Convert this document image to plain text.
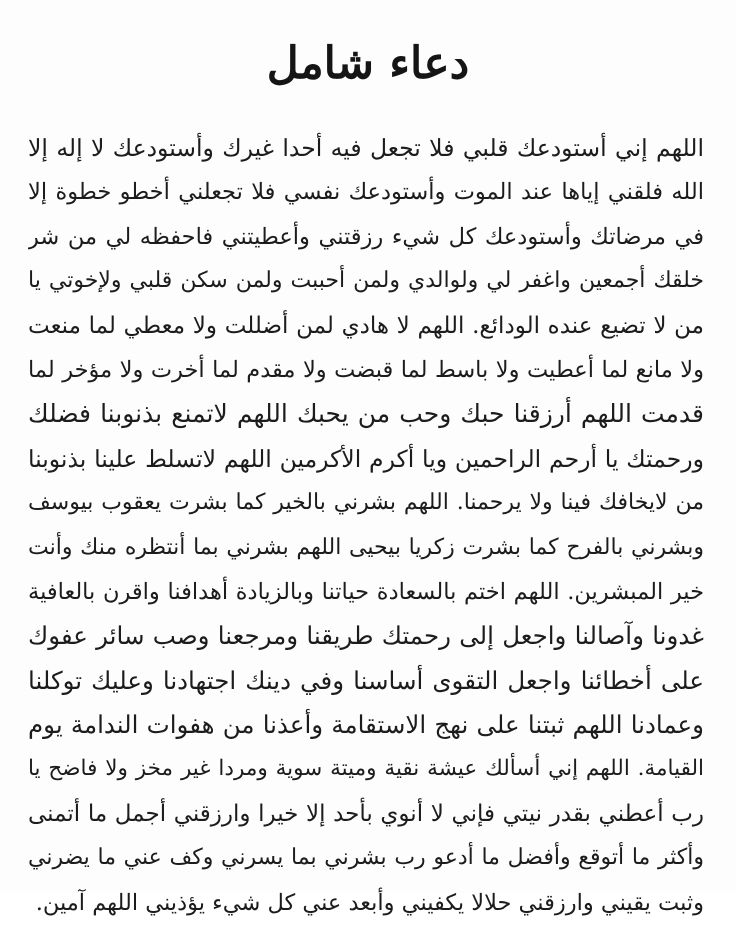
دعاء شامل
اللهم إني أستودعك قلبي فلا تجعل فيه أحدا غيرك وأستودعك لا إله إلا
الله فلقني إياها عند الموت وأستودعك نفسي فلا تجعلني أخطو خطوة إلا
في مرضاتك وأستودعك كل شيء رزقتني وأعطيتني فاحفظه لي من شر
خلقك أجمعين واغفر لي ولوالدي ولمن أحببت ولمن سكن قلبي ولإخوتي يا
من لا تضيع عنده الودائع. اللهم لا هادي لمن أضللت ولا معطي لما منعت
ولا مانع لما أعطيت ولا باسط لما قبضت ولا مقدم لما أخرت ولا مؤخر لما
قدمت اللهم أرزقنا حبك وحب من يحبك اللهم لاتمنع بذنوبنا فضلك
ورحمتك يا أرحم الراحمين ويا أكرم الأكرمين اللهم لاتسلط علينا بذنوبنا
من لايخافك فينا ولا يرحمنا. اللهم بشرني بالخير كما بشرت يعقوب بيوسف
وبشرني بالفرح كما بشرت زكريا بيحيى اللهم بشرني بما أنتظره منك وأنت
خير المبشرين. اللهم اختم بالسعادة حياتنا وبالزيادة أهدافنا واقرن بالعافية
غدونا وآصالنا واجعل إلى رحمتك طريقنا ومرجعنا وصب سائر عفوك
على أخطائنا واجعل التقوى أساسنا وفي دينك اجتهادنا وعليك توكلنا
وعمادنا اللهم ثبتنا على نهج الاستقامة وأعذنا من هفوات الندامة يوم
القيامة. اللهم إني أسألك عيشة نقية وميتة سوية ومردا غير مخز ولا فاضح يا
رب أعطني بقدر نيتي فإني لا أنوي بأحد إلا خيرا وارزقني أجمل ما أتمنى
وأكثر ما أتوقع وأفضل ما أدعو رب بشرني بما يسرني وكف عني ما يضرني
وثبت يقيني وارزقني حلالا يكفيني وأبعد عني كل شيء يؤذيني اللهم آمين.
